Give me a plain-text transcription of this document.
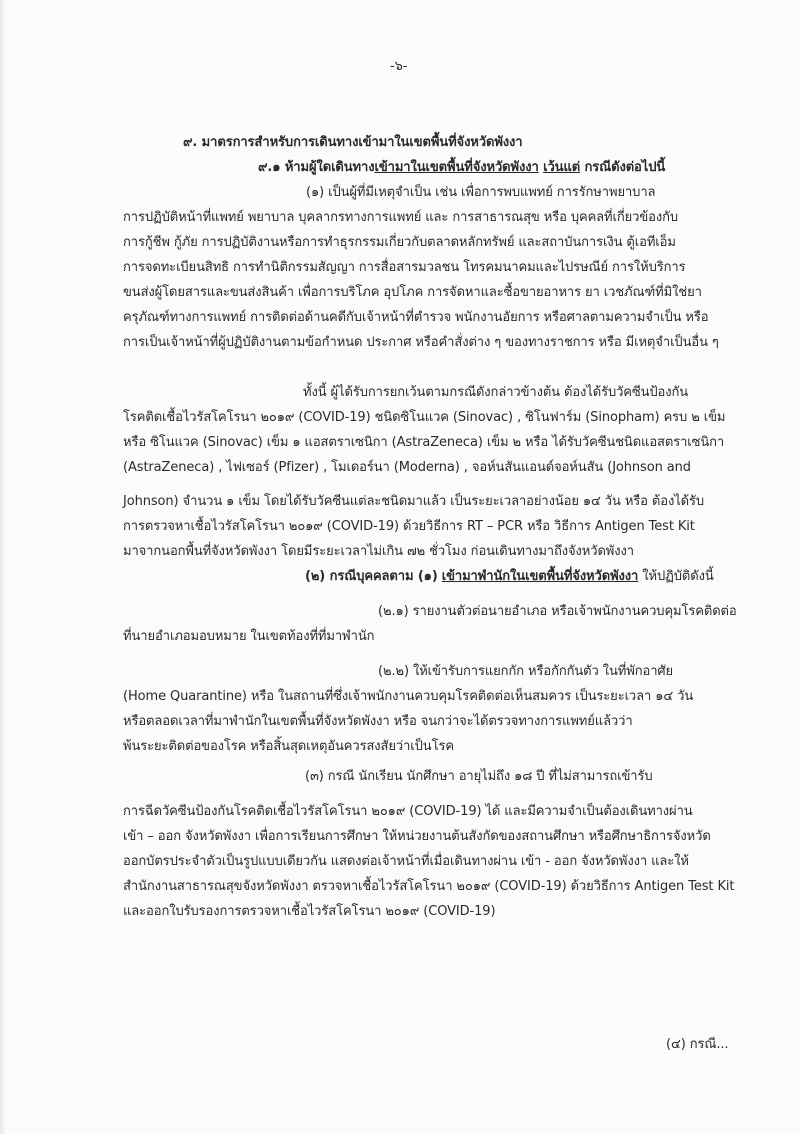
-๖-
๙. มาตรการสำหรับการเดินทางเข้ามาในเขตพื้นที่จังหวัดพังงา
๙.๑ ห้ามผู้ใดเดินทางเข้ามาในเขตพื้นที่จังหวัดพังงา เว้นแต่ กรณีดังต่อไปนี้
(๑) เป็นผู้ที่มีเหตุจำเป็น เช่น เพื่อการพบแพทย์ การรักษาพยาบาล
การปฏิบัติหน้าที่แพทย์ พยาบาล บุคลากรทางการแพทย์ และ การสาธารณสุข หรือ บุคคลที่เกี่ยวข้องกับ
การกู้ชีพ กู้ภัย การปฏิบัติงานหรือการทำธุรกรรมเกี่ยวกับตลาดหลักทรัพย์ และสถาบันการเงิน ตู้เอทีเอ็ม
การจดทะเบียนสิทธิ การทำนิติกรรมสัญญา การสื่อสารมวลชน โทรคมนาคมและไปรษณีย์ การให้บริการ
ขนส่งผู้โดยสารและขนส่งสินค้า เพื่อการบริโภค อุปโภค การจัดหาและซื้อขายอาหาร ยา เวชภัณฑ์ที่มิใช่ยา
ครุภัณฑ์ทางการแพทย์ การติดต่อด้านคดีกับเจ้าหน้าที่ตำรวจ พนักงานอัยการ หรือศาลตามความจำเป็น หรือ
การเป็นเจ้าหน้าที่ผู้ปฏิบัติงานตามข้อกำหนด ประกาศ หรือคำสั่งต่าง ๆ ของทางราชการ หรือ มีเหตุจำเป็นอื่น ๆ
ทั้งนี้ ผู้ได้รับการยกเว้นตามกรณีดังกล่าวข้างต้น ต้องได้รับวัคซีนป้องกัน
โรคติดเชื้อไวรัสโคโรนา ๒๐๑๙ (COVID-19) ชนิดซิโนแวค (Sinovac) , ซิโนฟาร์ม (Sinopham) ครบ ๒ เข็ม
หรือ ซิโนแวค (Sinovac) เข็ม ๑ แอสตราเซนิกา (AstraZeneca) เข็ม ๒ หรือ ได้รับวัคซีนชนิดแอสตราเซนิกา
(AstraZeneca) , ไฟเซอร์ (Pfizer) , โมเดอร์นา (Moderna) , จอห์นสันแอนด์จอห์นสัน (Johnson and
Johnson) จำนวน ๑ เข็ม โดยได้รับวัคซีนแต่ละชนิดมาแล้ว เป็นระยะเวลาอย่างน้อย ๑๔ วัน หรือ ต้องได้รับ
การตรวจหาเชื้อไวรัสโคโรนา ๒๐๑๙ (COVID-19) ด้วยวิธีการ RT – PCR หรือ วิธีการ Antigen Test Kit
มาจากนอกพื้นที่จังหวัดพังงา โดยมีระยะเวลาไม่เกิน ๗๒ ชั่วโมง ก่อนเดินทางมาถึงจังหวัดพังงา
(๒) กรณีบุคคลตาม (๑) เข้ามาพำนักในเขตพื้นที่จังหวัดพังงา ให้ปฏิบัติดังนี้
(๒.๑) รายงานตัวต่อนายอำเภอ หรือเจ้าพนักงานควบคุมโรคติดต่อ
ที่นายอำเภอมอบหมาย ในเขตท้องที่ที่มาพำนัก
(๒.๒) ให้เข้ารับการแยกกัก หรือกักกันตัว ในที่พักอาศัย
(Home Quarantine) หรือ ในสถานที่ซึ่งเจ้าพนักงานควบคุมโรคติดต่อเห็นสมควร เป็นระยะเวลา ๑๔ วัน
หรือตลอดเวลาที่มาพำนักในเขตพื้นที่จังหวัดพังงา หรือ จนกว่าจะได้ตรวจทางการแพทย์แล้วว่า
พ้นระยะติดต่อของโรค หรือสิ้นสุดเหตุอันควรสงสัยว่าเป็นโรค
(๓) กรณี นักเรียน นักศึกษา อายุไม่ถึง ๑๘ ปี ที่ไม่สามารถเข้ารับ
การฉีดวัคซีนป้องกันโรคติดเชื้อไวรัสโคโรนา ๒๐๑๙ (COVID-19) ได้ และมีความจำเป็นต้องเดินทางผ่าน
เข้า – ออก จังหวัดพังงา เพื่อการเรียนการศึกษา ให้หน่วยงานต้นสังกัดของสถานศึกษา หรือศึกษาธิการจังหวัด
ออกบัตรประจำตัวเป็นรูปแบบเดียวกัน แสดงต่อเจ้าหน้าที่เมื่อเดินทางผ่าน เข้า - ออก จังหวัดพังงา และให้
สำนักงานสาธารณสุขจังหวัดพังงา ตรวจหาเชื้อไวรัสโคโรนา ๒๐๑๙ (COVID-19) ด้วยวิธีการ Antigen Test Kit
และออกใบรับรองการตรวจหาเชื้อไวรัสโคโรนา ๒๐๑๙ (COVID-19)
(๔) กรณี...
